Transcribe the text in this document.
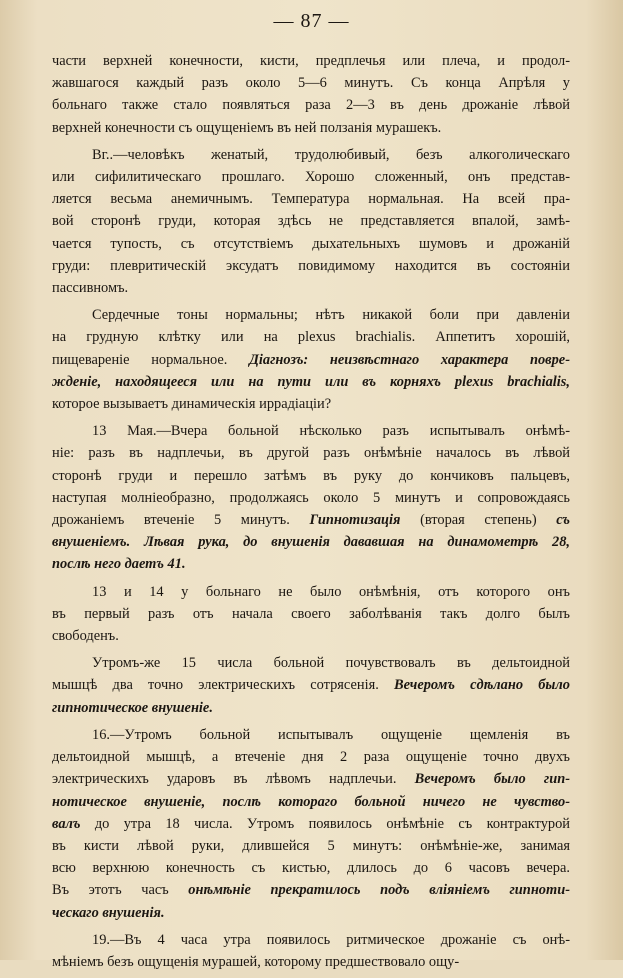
— 87 —
части верхней конечности, кисти, предплечья или плеча, и продол-
жавшагося каждый разъ около 5—6 минутъ. Съ конца Апрѣля у
больнаго также стало появляться раза 2—3 въ день дрожаніе лѣвой
верхней конечности съ ощущеніемъ въ ней ползанія мурашекъ.
Вг..—человѣкъ женатый, трудолюбивый, безъ алкоголическаго
или сифилитическаго прошлаго. Хорошо сложенный, онъ представ-
ляется весьма анемичнымъ. Температура нормальная. На всей пра-
вой сторонѣ груди, которая здѣсь не представляется впалой, замѣ-
чается тупость, съ отсутствіемъ дыхательныхъ шумовъ и дрожаній
груди: плевритическій эксудатъ повидимому находится въ состояніи
пассивномъ.
Сердечные тоны нормальны; нѣтъ никакой боли при давленіи
на грудную клѣтку или на plexus brachialis. Аппетитъ хорошій,
пищевареніе нормальное. Діагнозъ: неизвѣстнаго характера повре-
жденіе, находящееся или на пути или въ корняхъ plexus brachialis,
которое вызываетъ динамическія иррадіаціи?
13 Мая.—Вчера больной нѣсколько разъ испытывалъ онѣмѣ-
ніе: разъ въ надплечьи, въ другой разъ онѣмѣніе началось въ лѣвой
сторонѣ груди и перешло затѣмъ въ руку до кончиковъ пальцевъ,
наступая молніеобразно, продолжаясь около 5 минутъ и сопровождаясь
дрожаніемъ втеченіе 5 минутъ. Гипнотизація (вторая степень) съ
внушеніемъ. Лѣвая рука, до внушенія дававшая на динамометрѣ 28,
послѣ него даетъ 41.
13 и 14 у больнаго не было онѣмѣнія, отъ которого онъ
въ первый разъ отъ начала своего заболѣванія такъ долго былъ
свободенъ.
Утромъ-же 15 числа больной почувствовалъ въ дельтоидной
мышцѣ два точно электрическихъ сотрясенія. Вечеромъ сдѣлано было
гипнотическое внушеніе.
16.—Утромъ больной испытывалъ ощущеніе щемленія въ
дельтоидной мышцѣ, а втеченіе дня 2 раза ощущеніе точно двухъ
электрическихъ ударовъ въ лѣвомъ надплечьи. Вечеромъ было гип-
нотическое внушеніе, послѣ котораго больной ничего не чувство-
валъ до утра 18 числа. Утромъ появилось онѣмѣніе съ контрактурой
въ кисти лѣвой руки, длившейся 5 минутъ: онѣмѣніе-же, занимая
всю верхнюю конечность съ кистью, длилось до 6 часовъ вечера.
Въ этотъ часъ онѣмѣніе прекратилось подъ вліяніемъ гипноти-
ческаго внушенія.
19.—Въ 4 часа утра появилось ритмическое дрожаніе съ онѣ-
мѣніемъ безъ ощущенія мурашей, которому предшествовало ощу-
